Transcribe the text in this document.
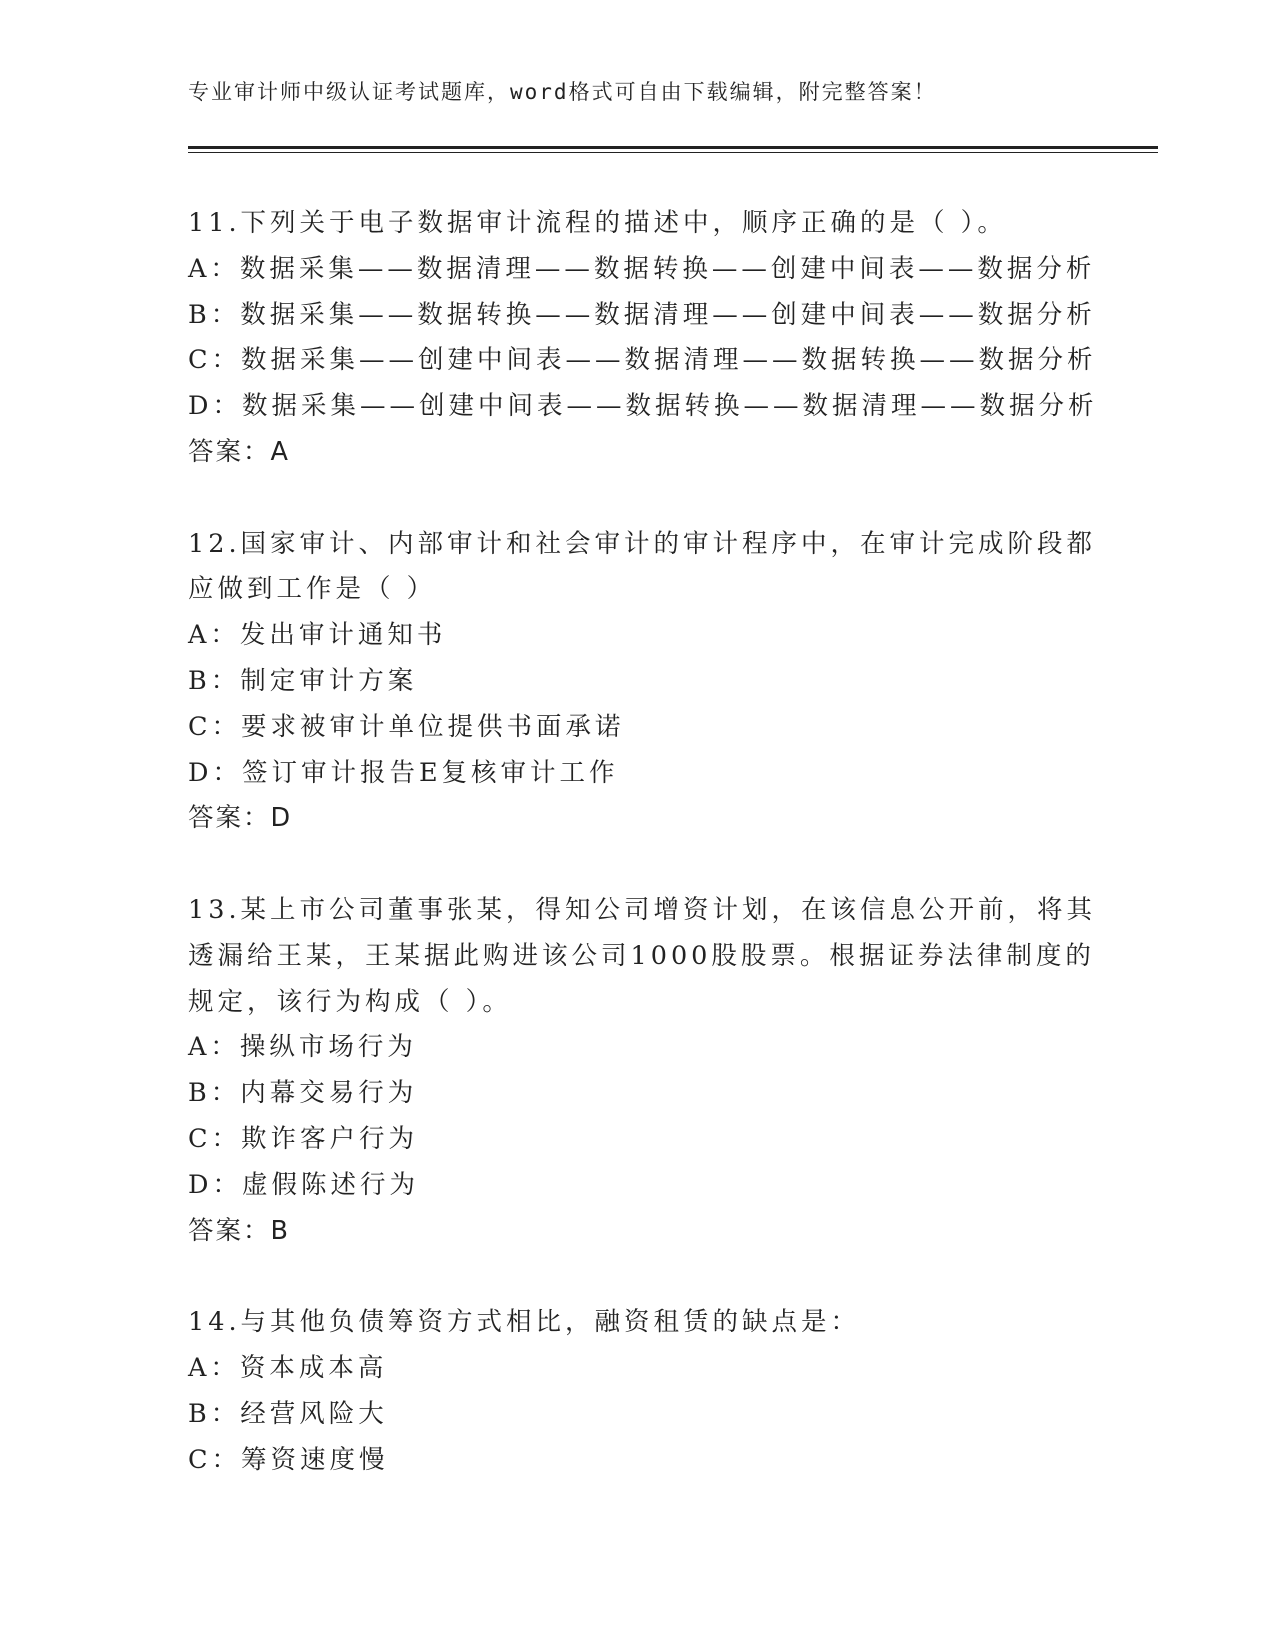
专业审计师中级认证考试题库，word格式可自由下载编辑，附完整答案！
11.下列关于电子数据审计流程的描述中，顺序正确的是（ ）。
A：数据采集——数据清理——数据转换——创建中间表——数据分析
B：数据采集——数据转换——数据清理——创建中间表——数据分析
C：数据采集——创建中间表——数据清理——数据转换——数据分析
D：数据采集——创建中间表——数据转换——数据清理——数据分析
答案：A
12.国家审计、内部审计和社会审计的审计程序中，在审计完成阶段都
应做到工作是（ ）
A：发出审计通知书
B：制定审计方案
C：要求被审计单位提供书面承诺
D：签订审计报告E复核审计工作
答案：D
13.某上市公司董事张某，得知公司增资计划，在该信息公开前，将其
透漏给王某，王某据此购进该公司1000股股票。根据证券法律制度的
规定，该行为构成（ ）。
A：操纵市场行为
B：内幕交易行为
C：欺诈客户行为
D：虚假陈述行为
答案：B
14.与其他负债筹资方式相比，融资租赁的缺点是：
A：资本成本高
B：经营风险大
C：筹资速度慢
